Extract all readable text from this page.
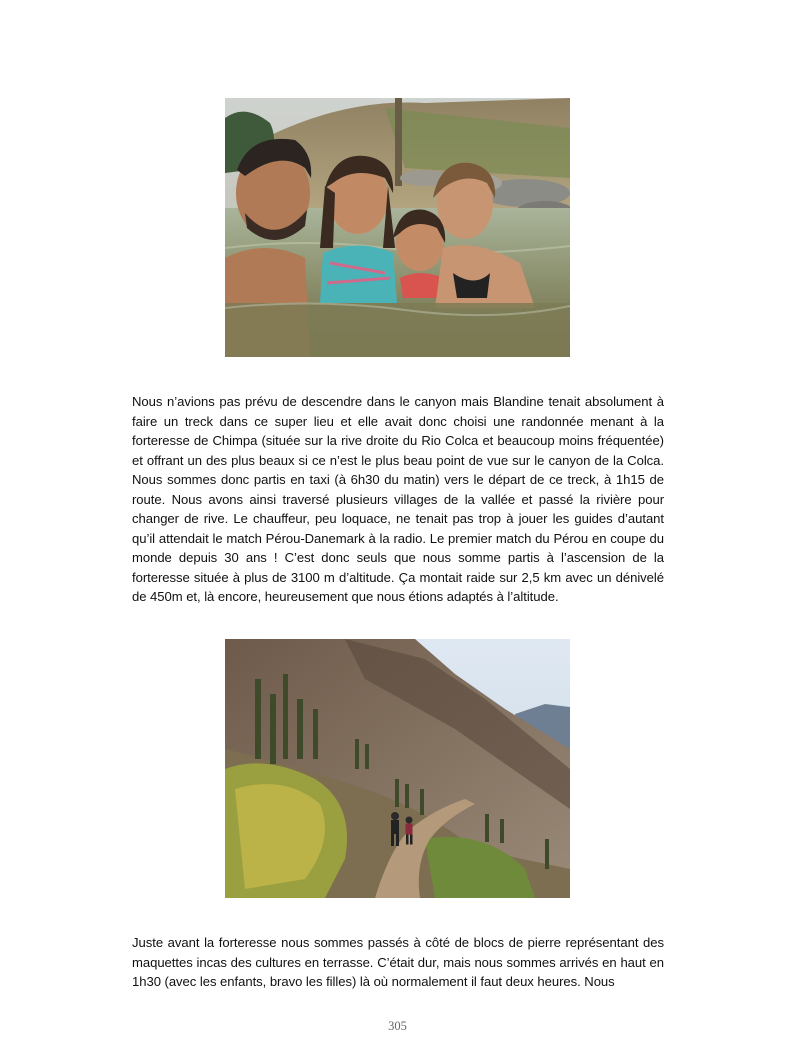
Nous n’avions pas prévu de descendre dans le canyon mais Blandine tenait absolument à faire un treck dans ce super lieu et elle avait donc choisi une randonnée menant à la forteresse de Chimpa (située sur la rive droite du Rio Colca et beaucoup moins fréquentée) et offrant un des plus beaux si ce n’est le plus beau point de vue sur le canyon de la Colca. Nous sommes donc partis en taxi (à 6h30 du matin) vers le départ de ce treck, à 1h15 de route. Nous avons ainsi traversé plusieurs villages de la vallée et passé la rivière pour changer de rive. Le chauffeur, peu loquace, ne tenait pas trop à jouer les guides d’autant qu’il attendait le match Pérou-Danemark à la radio. Le premier match du Pérou en coupe du monde depuis 30 ans ! C’est donc seuls que nous somme partis à l’ascension de la forteresse située à plus de 3100 m d’altitude. Ça montait raide sur 2,5 km avec un dénivelé de 450m et, là encore, heureusement que nous étions adaptés à l’altitude.

Juste avant la forteresse nous sommes passés à côté de blocs de pierre représentant des maquettes incas des cultures en terrasse. C’était dur, mais nous sommes arrivés en haut en 1h30 (avec les enfants, bravo les filles) là où normalement il faut deux heures. Nous

305
